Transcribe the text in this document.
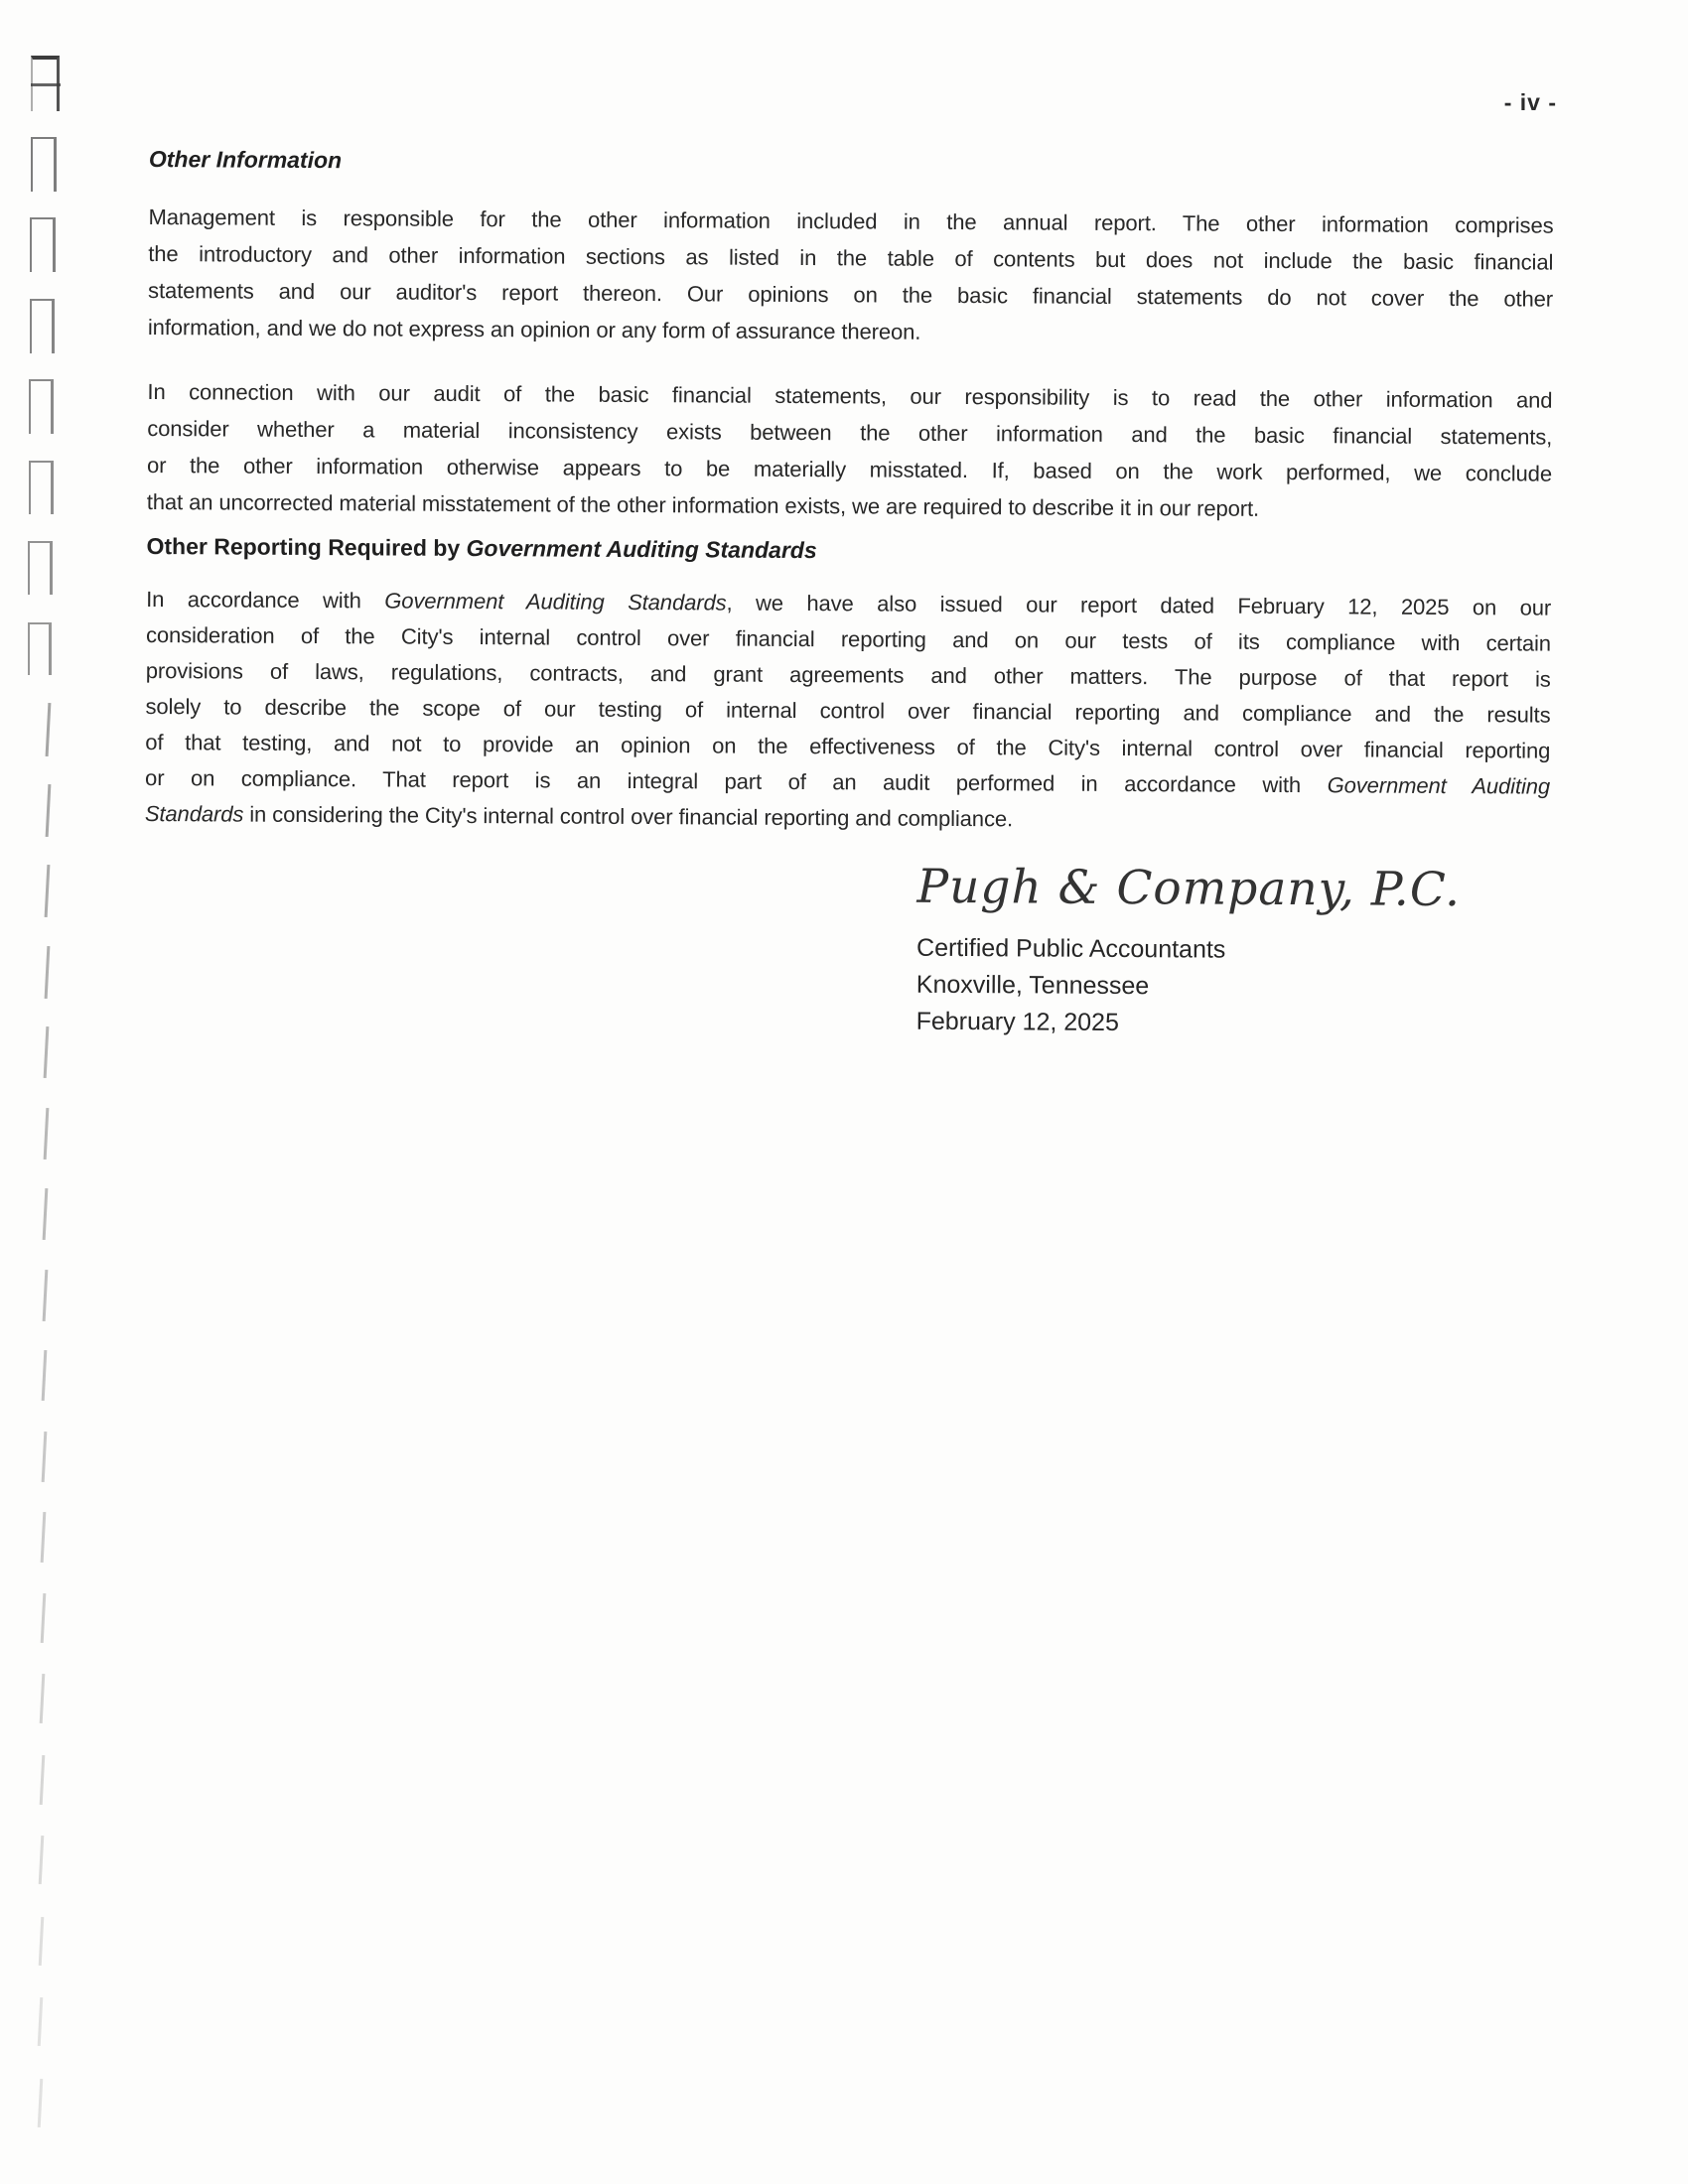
- iv -
Other Information
Management is responsible for the other information included in the annual report. The other information comprises
the introductory and other information sections as listed in the table of contents but does not include the basic financial
statements and our auditor's report thereon. Our opinions on the basic financial statements do not cover the other
information, and we do not express an opinion or any form of assurance thereon.
In connection with our audit of the basic financial statements, our responsibility is to read the other information and
consider whether a material inconsistency exists between the other information and the basic financial statements,
or the other information otherwise appears to be materially misstated. If, based on the work performed, we conclude
that an uncorrected material misstatement of the other information exists, we are required to describe it in our report.
Other Reporting Required by Government Auditing Standards
In accordance with Government Auditing Standards, we have also issued our report dated February 12, 2025 on our
consideration of the City's internal control over financial reporting and on our tests of its compliance with certain
provisions of laws, regulations, contracts, and grant agreements and other matters. The purpose of that report is
solely to describe the scope of our testing of internal control over financial reporting and compliance and the results
of that testing, and not to provide an opinion on the effectiveness of the City's internal control over financial reporting
or on compliance. That report is an integral part of an audit performed in accordance with Government Auditing
Standards in considering the City's internal control over financial reporting and compliance.
Pugh & Company, P.C.
Certified Public Accountants
Knoxville, Tennessee
February 12, 2025
